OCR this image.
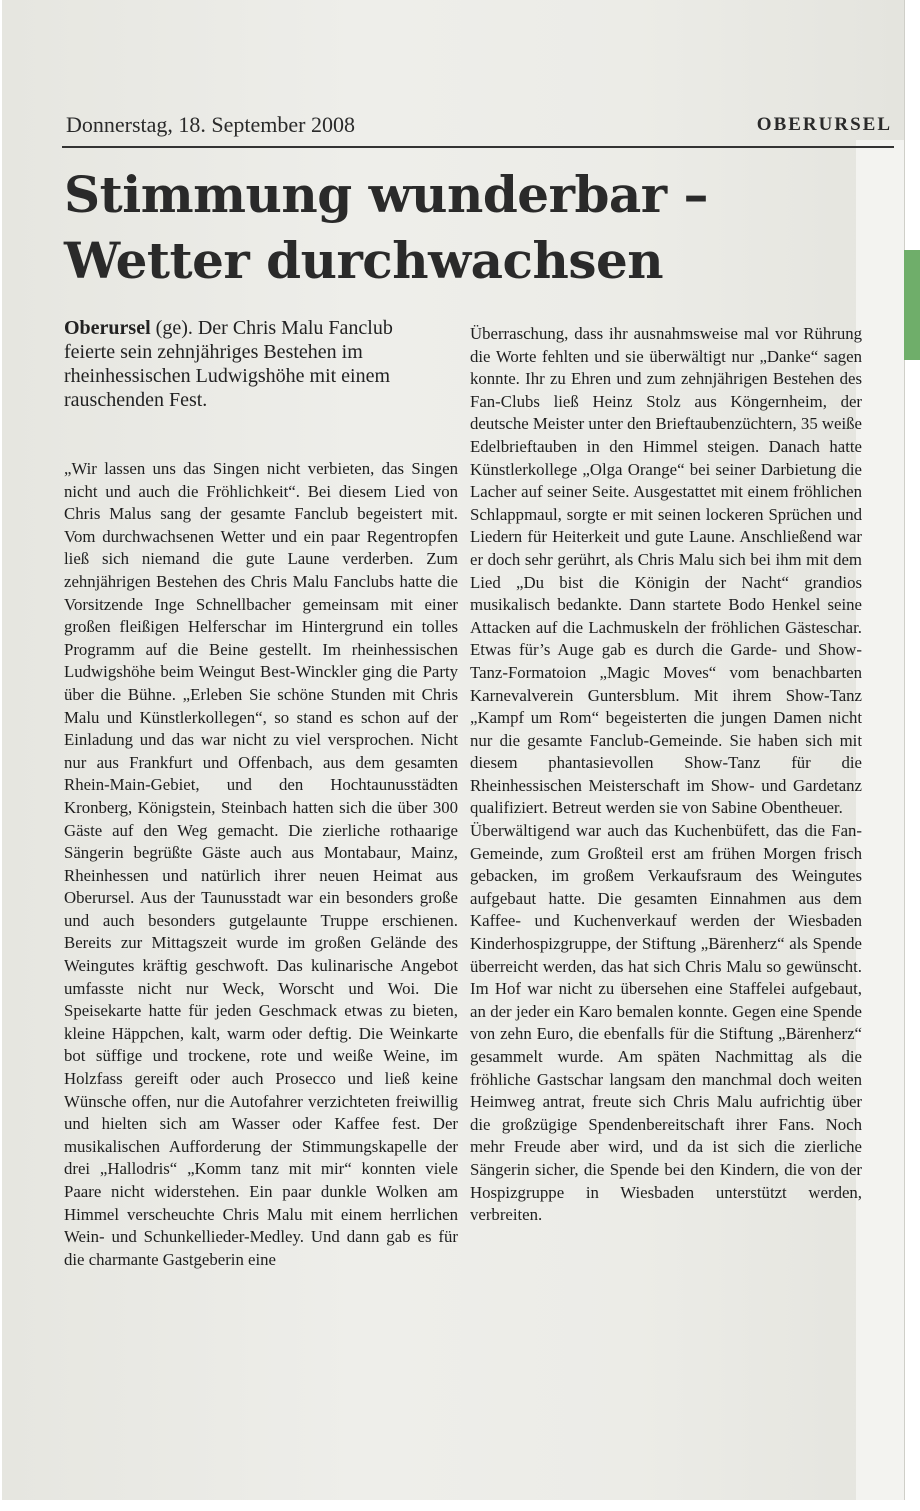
Donnerstag, 18. September 2008	OBERURSEL
Stimmung wunderbar –
Wetter durchwachsen
Oberursel (ge). Der Chris Malu Fanclub feierte sein zehnjähriges Bestehen im rheinhessischen Ludwigshöhe mit einem rauschenden Fest.

„Wir lassen uns das Singen nicht verbieten, das Singen nicht und auch die Fröhlichkeit“. Bei diesem Lied von Chris Malus sang der gesamte Fanclub begeistert mit. Vom durchwachsenen Wetter und ein paar Regentropfen ließ sich niemand die gute Laune verderben. Zum zehnjährigen Bestehen des Chris Malu Fanclubs hatte die Vorsitzende Inge Schnellbacher gemeinsam mit einer großen fleißigen Helferschar im Hintergrund ein tolles Programm auf die Beine gestellt. Im rheinhessischen Ludwigshöhe beim Weingut Best-Winckler ging die Party über die Bühne. „Erleben Sie schöne Stunden mit Chris Malu und Künstlerkollegen“, so stand es schon auf der Einladung und das war nicht zu viel versprochen. Nicht nur aus Frankfurt und Offenbach, aus dem gesamten Rhein-Main-Gebiet, und den Hochtaunusstädten Kronberg, Königstein, Steinbach hatten sich die über 300 Gäste auf den Weg gemacht. Die zierliche rothaarige Sängerin begrüßte Gäste auch aus Montabaur, Mainz, Rheinhessen und natürlich ihrer neuen Heimat aus Oberursel. Aus der Taunusstadt war ein besonders große und auch besonders gutgelaunte Truppe erschienen. Bereits zur Mittagszeit wurde im großen Gelände des Weingutes kräftig geschwoft. Das kulinarische Angebot umfasste nicht nur Weck, Worscht und Woi. Die Speisekarte hatte für jeden Geschmack etwas zu bieten, kleine Häppchen, kalt, warm oder deftig. Die Weinkarte bot süffige und trockene, rote und weiße Weine, im Holzfass gereift oder auch Prosecco und ließ keine Wünsche offen, nur die Autofahrer verzichteten freiwillig und hielten sich am Wasser oder Kaffee fest. Der musikalischen Aufforderung der Stimmungskapelle der drei „Hallodris“ „Komm tanz mit mir“ konnten viele Paare nicht widerstehen. Ein paar dunkle Wolken am Himmel verscheuchte Chris Malu mit einem herrlichen Wein- und Schunkellieder-Medley. Und dann gab es für die charmante Gastgeberin eine

Überraschung, dass ihr ausnahmsweise mal vor Rührung die Worte fehlten und sie überwältigt nur „Danke“ sagen konnte. Ihr zu Ehren und zum zehnjährigen Bestehen des Fan-Clubs ließ Heinz Stolz aus Köngernheim, der deutsche Meister unter den Brieftaubenzüchtern, 35 weiße Edelbrieftauben in den Himmel steigen. Danach hatte Künstlerkollege „Olga Orange“ bei seiner Darbietung die Lacher auf seiner Seite. Ausgestattet mit einem fröhlichen Schlappmaul, sorgte er mit seinen lockeren Sprüchen und Liedern für Heiterkeit und gute Laune. Anschließend war er doch sehr gerührt, als Chris Malu sich bei ihm mit dem Lied „Du bist die Königin der Nacht“ grandios musikalisch bedankte. Dann startete Bodo Henkel seine Attacken auf die Lachmuskeln der fröhlichen Gästeschar. Etwas für’s Auge gab es durch die Garde- und Show-Tanz-Formatoion „Magic Moves“ vom benachbarten Karnevalverein Guntersblum. Mit ihrem Show-Tanz „Kampf um Rom“ begeisterten die jungen Damen nicht nur die gesamte Fanclub-Gemeinde. Sie haben sich mit diesem phantasievollen Show-Tanz für die Rheinhessischen Meisterschaft im Show- und Gardetanz qualifiziert. Betreut werden sie von Sabine Obentheuer.

Überwältigend war auch das Kuchenbüfett, das die Fan-Gemeinde, zum Großteil erst am frühen Morgen frisch gebacken, im großem Verkaufsraum des Weingutes aufgebaut hatte. Die gesamten Einnahmen aus dem Kaffee- und Kuchenverkauf werden der Wiesbaden Kinderhospizgruppe, der Stiftung „Bärenherz“ als Spende überreicht werden, das hat sich Chris Malu so gewünscht. Im Hof war nicht zu übersehen eine Staffelei aufgebaut, an der jeder ein Karo bemalen konnte. Gegen eine Spende von zehn Euro, die ebenfalls für die Stiftung „Bärenherz“ gesammelt wurde. Am späten Nachmittag als die fröhliche Gastschar langsam den manchmal doch weiten Heimweg antrat, freute sich Chris Malu aufrichtig über die großzügige Spendenbereitschaft ihrer Fans. Noch mehr Freude aber wird, und da ist sich die zierliche Sängerin sicher, die Spende bei den Kindern, die von der Hospizgruppe in Wiesbaden unterstützt werden, verbreiten.
